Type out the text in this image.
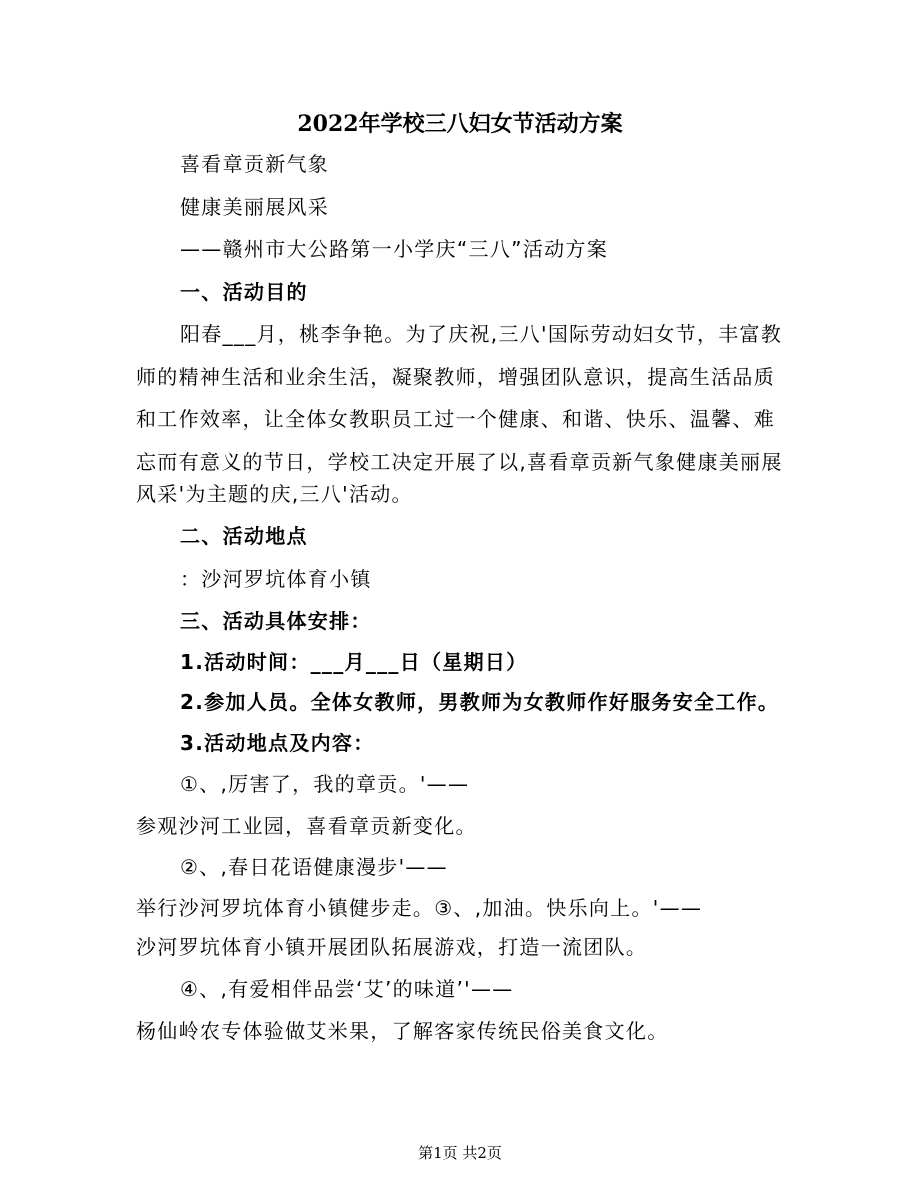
2022年学校三八妇女节活动方案
喜看章贡新气象
健康美丽展风采
——赣州市大公路第一小学庆“三八”活动方案
一、活动目的
阳春___月，桃李争艳。为了庆祝,三八'国际劳动妇女节，丰富教
师的精神生活和业余生活，凝聚教师，增强团队意识，提高生活品质
和工作效率，让全体女教职员工过一个健康、和谐、快乐、温馨、难
忘而有意义的节日，学校工决定开展了以,喜看章贡新气象健康美丽展
风采'为主题的庆,三八'活动。
二、活动地点
：沙河罗坑体育小镇
三、活动具体安排：
1.活动时间：___月___日（星期日）
2.参加人员。全体女教师，男教师为女教师作好服务安全工作。
3.活动地点及内容：
①、,厉害了，我的章贡。'——
参观沙河工业园，喜看章贡新变化。
②、,春日花语健康漫步'——
举行沙河罗坑体育小镇健步走。③、,加油。快乐向上。'——
沙河罗坑体育小镇开展团队拓展游戏，打造一流团队。
④、,有爱相伴品尝‘艾’的味道’'——
杨仙岭农专体验做艾米果，了解客家传统民俗美食文化。
第1页 共2页
